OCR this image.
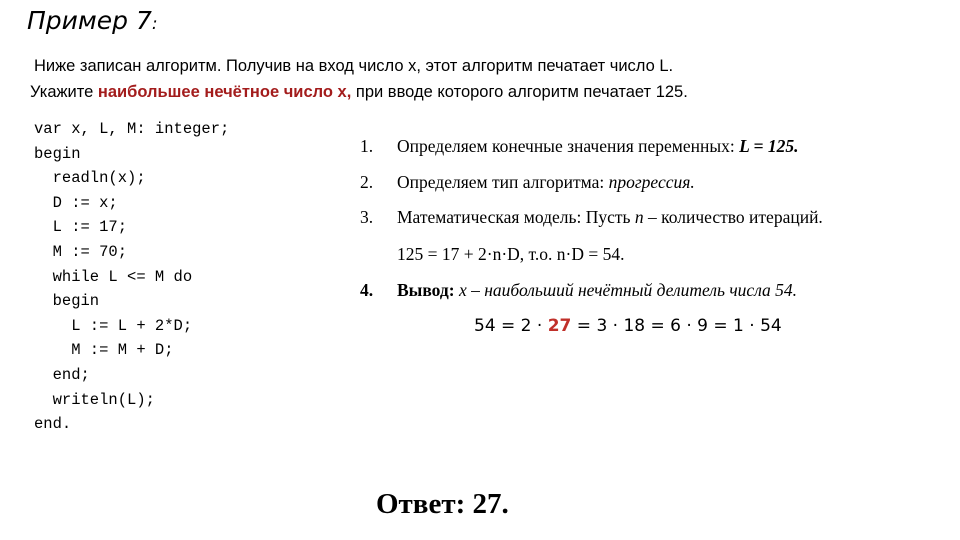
Пример 7:
Ниже записан алгоритм. Получив на вход число x, этот алгоритм печатает число L.
Укажите наибольшее нечётное число x, при вводе которого алгоритм печатает 125.
var x, L, M: integer;
begin
readln(x);
D := x;
L := 17;
M := 70;
while L <= M do
begin
L := L + 2*D;
M := M + D;
end;
writeln(L);
end.
1. Определяем конечные значения переменных: L = 125.
2. Определяем тип алгоритма: прогрессия.
3. Математическая модель: Пусть n – количество итераций.
125 = 17 + 2·n·D, т.о. n·D = 54.
4. Вывод: x – наибольший нечётный делитель числа 54.
54 = 2 · 27 = 3 · 18 = 6 · 9 = 1 · 54
Ответ: 27.
